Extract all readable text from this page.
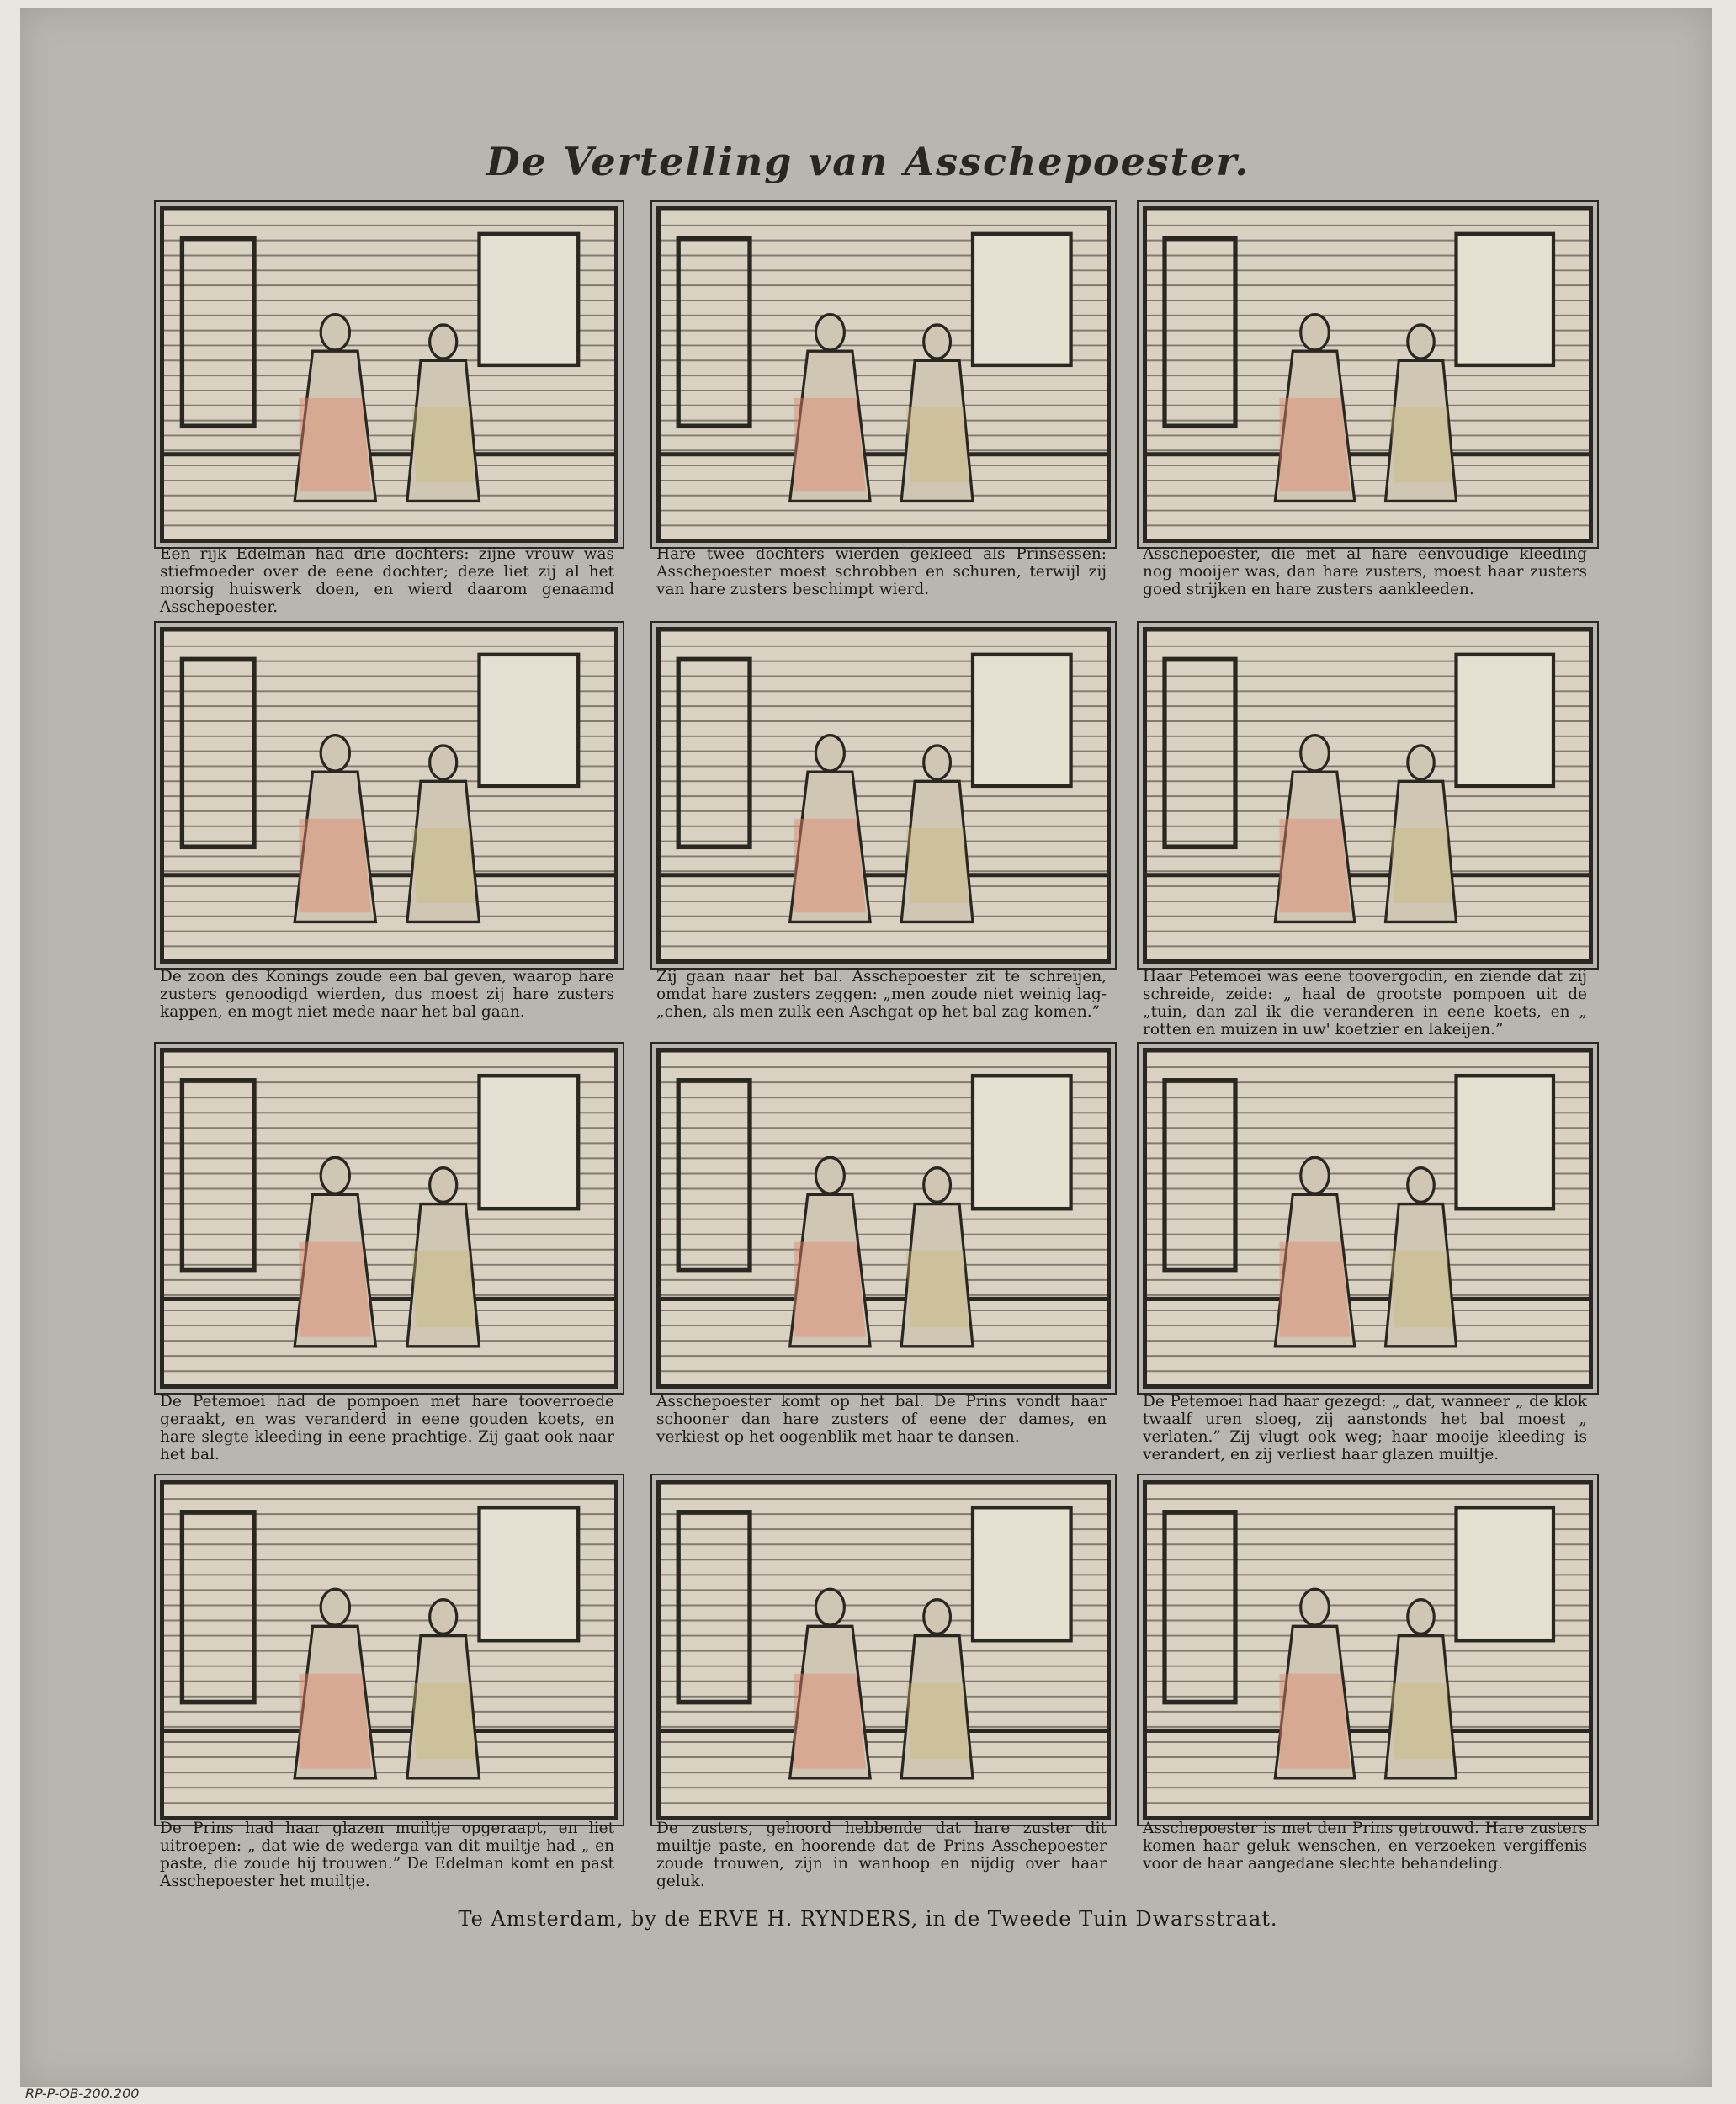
De Vertelling van Asschepoester.
Een rijk Edelman had drie dochters: zijne vrouw was stiefmoeder over de eene dochter; deze liet zij al het morsig huiswerk doen, en wierd daarom genaamd Asschepoester.
Hare twee dochters wierden gekleed als Prinsessen: Asschepoester moest schrobben en schuren, terwijl zij van hare zusters beschimpt wierd.
Asschepoester, die met al hare eenvoudige kleeding nog mooijer was, dan hare zusters, moest haar zusters goed strijken en hare zusters aankleeden.
De zoon des Konings zoude een bal geven, waarop hare zusters genoodigd wierden, dus moest zij hare zusters kappen, en mogt niet mede naar het bal gaan.
Zij gaan naar het bal. Asschepoester zit te schreijen, omdat hare zusters zeggen: „men zoude niet weinig lag- „chen, als men zulk een Aschgat op het bal zag komen.”
Haar Petemoei was eene toovergodin, en ziende dat zij schreide, zeide: „ haal de grootste pompoen uit de „tuin, dan zal ik die veranderen in eene koets, en „ rotten en muizen in uw' koetzier en lakeijen.”
De Petemoei had de pompoen met hare tooverroede geraakt, en was veranderd in eene gouden koets, en hare slegte kleeding in eene prachtige. Zij gaat ook naar het bal.
Asschepoester komt op het bal. De Prins vondt haar schooner dan hare zusters of eene der dames, en verkiest op het oogenblik met haar te dansen.
De Petemoei had haar gezegd: „ dat, wanneer „ de klok twaalf uren sloeg, zij aanstonds het bal moest „ verlaten.” Zij vlugt ook weg; haar mooije kleeding is verandert, en zij verliest haar glazen muiltje.
De Prins had haar glazen muiltje opgeraapt, en liet uitroepen: „ dat wie de wederga van dit muiltje had „ en paste, die zoude hij trouwen.” De Edelman komt en past Asschepoester het muiltje.
De zusters, gehoord hebbende dat hare zuster dit muiltje paste, en hoorende dat de Prins Asschepoester zoude trouwen, zijn in wanhoop en nijdig over haar geluk.
Asschepoester is met den Prins getrouwd. Hare zusters komen haar geluk wenschen, en verzoeken vergiffenis voor de haar aangedane slechte behandeling.
Te Amsterdam, by de ERVE H. RYNDERS, in de Tweede Tuin Dwarsstraat.
RP-P-OB-200.200
